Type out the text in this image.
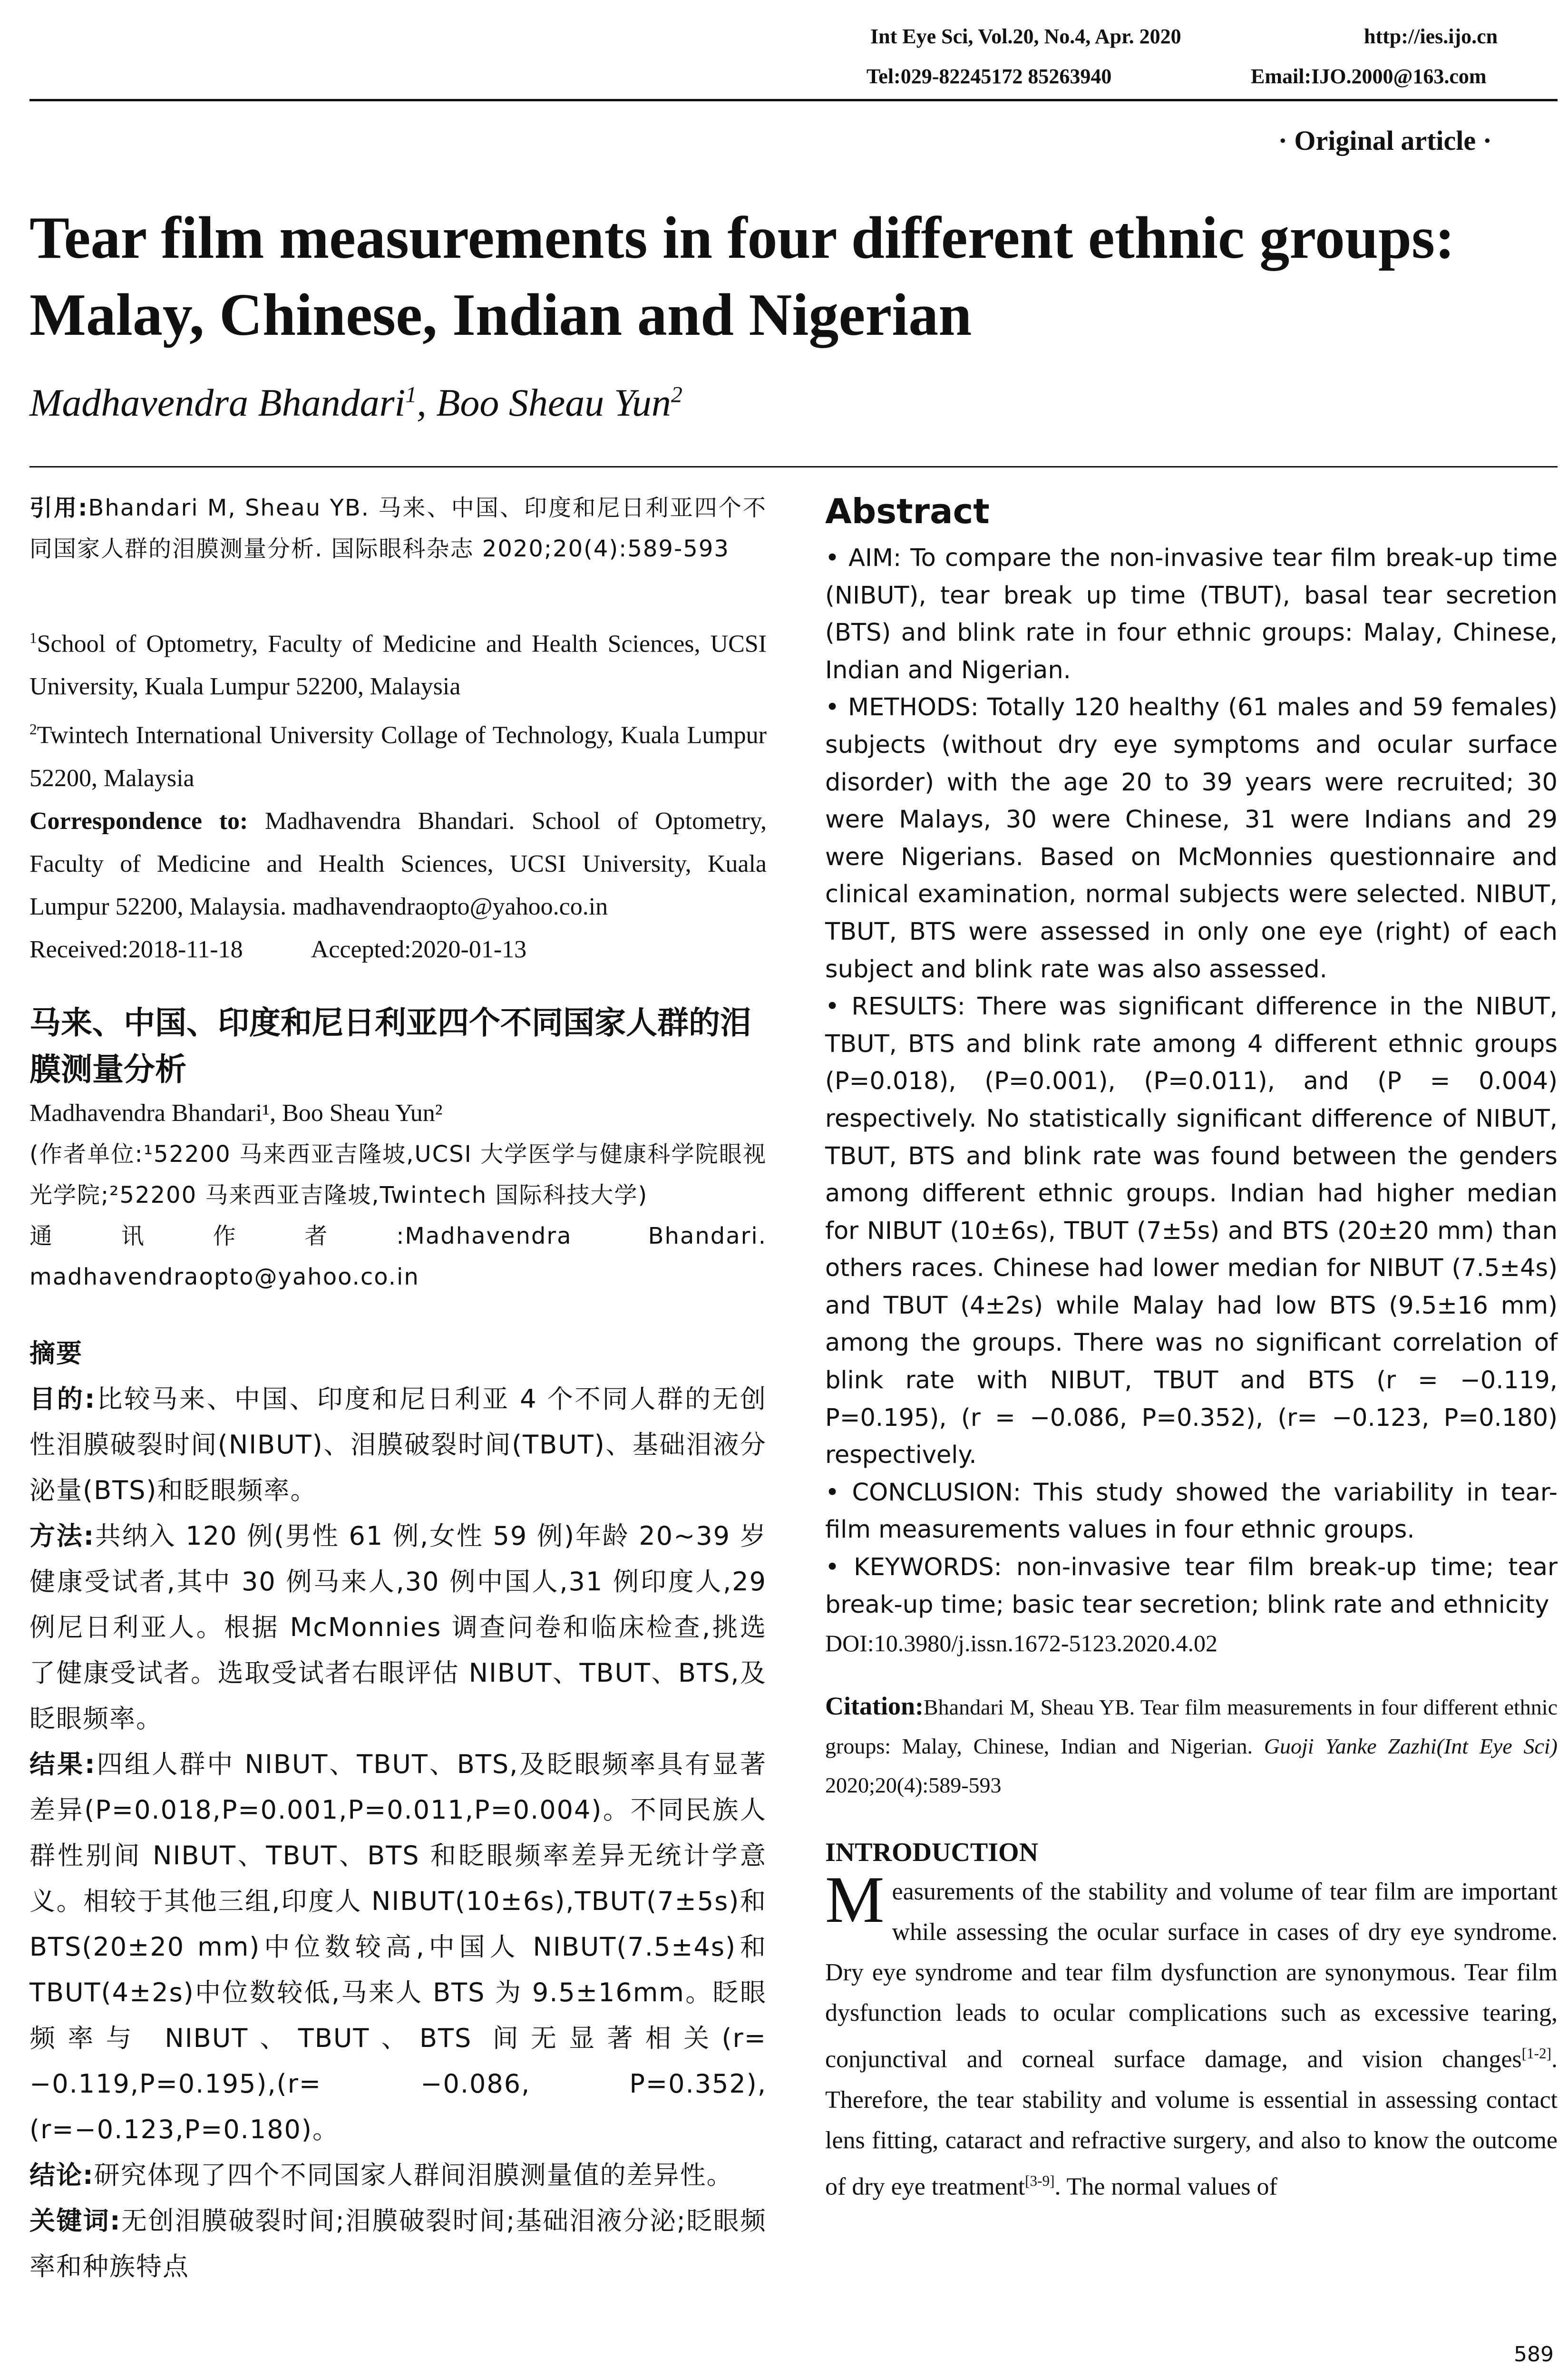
Int Eye Sci, Vol.20, No.4, Apr. 2020	http://ies.ijo.cn
Tel:029-82245172 85263940	Email:IJO.2000@163.com
· Original article ·
Tear film measurements in four different ethnic groups: Malay, Chinese, Indian and Nigerian
Madhavendra Bhandari$^1$, Boo Sheau Yun$^2$

引用:Bhandari M, Sheau YB. 马来、中国、印度和尼日利亚四个不同国家人群的泪膜测量分析. 国际眼科杂志 2020;20(4):589-593

$^1$School of Optometry, Faculty of Medicine and Health Sciences, UCSI University, Kuala Lumpur 52200, Malaysia

$^2$Twintech International University Collage of Technology, Kuala Lumpur 52200, Malaysia

Correspondence to: Madhavendra Bhandari. School of Optometry, Faculty of Medicine and Health Sciences, UCSI University, Kuala Lumpur 52200, Malaysia. madhavendraopto@yahoo.co.in

Received:2018-11-18	Accepted:2020-01-13

马来、中国、印度和尼日利亚四个不同国家人群的泪膜测量分析

Madhavendra Bhandari¹, Boo Sheau Yun²

(作者单位:¹52200 马来西亚吉隆坡,UCSI 大学医学与健康科学院眼视光学院;²52200 马来西亚吉隆坡,Twintech 国际科技大学)

通讯作者:Madhavendra Bhandari. madhavendraopto@yahoo.co.in

摘要

目的:比较马来、中国、印度和尼日利亚 4 个不同人群的无创性泪膜破裂时间(NIBUT)、泪膜破裂时间(TBUT)、基础泪液分泌量(BTS)和眨眼频率。

方法:共纳入 120 例(男性 61 例,女性 59 例)年龄 20~39 岁健康受试者,其中 30 例马来人,30 例中国人,31 例印度人,29 例尼日利亚人。根据 McMonnies 调查问卷和临床检查,挑选了健康受试者。选取受试者右眼评估 NIBUT、TBUT、BTS,及眨眼频率。

结果:四组人群中 NIBUT、TBUT、BTS,及眨眼频率具有显著差异(P=0.018,P=0.001,P=0.011,P=0.004)。不同民族人群性别间 NIBUT、TBUT、BTS 和眨眼频率差异无统计学意义。相较于其他三组,印度人 NIBUT(10±6s),TBUT(7±5s)和 BTS(20±20 mm)中位数较高,中国人 NIBUT(7.5±4s)和 TBUT(4±2s)中位数较低,马来人 BTS 为 9.5±16mm。眨眼频率与 NIBUT、TBUT、BTS 间无显著相关(r= −0.119,P=0.195),(r= −0.086, P=0.352),(r=−0.123,P=0.180)。

结论:研究体现了四个不同国家人群间泪膜测量值的差异性。

关键词:无创泪膜破裂时间;泪膜破裂时间;基础泪液分泌;眨眼频率和种族特点

Abstract

• AIM: To compare the non-invasive tear film break-up time (NIBUT), tear break up time (TBUT), basal tear secretion (BTS) and blink rate in four ethnic groups: Malay, Chinese, Indian and Nigerian.

• METHODS: Totally 120 healthy (61 males and 59 females) subjects (without dry eye symptoms and ocular surface disorder) with the age 20 to 39 years were recruited; 30 were Malays, 30 were Chinese, 31 were Indians and 29 were Nigerians. Based on McMonnies questionnaire and clinical examination, normal subjects were selected. NIBUT, TBUT, BTS were assessed in only one eye (right) of each subject and blink rate was also assessed.

• RESULTS: There was significant difference in the NIBUT, TBUT, BTS and blink rate among 4 different ethnic groups (P=0.018), (P=0.001), (P=0.011), and (P = 0.004) respectively. No statistically significant difference of NIBUT, TBUT, BTS and blink rate was found between the genders among different ethnic groups. Indian had higher median for NIBUT (10±6s), TBUT (7±5s) and BTS (20±20 mm) than others races. Chinese had lower median for NIBUT (7.5±4s) and TBUT (4±2s) while Malay had low BTS (9.5±16 mm) among the groups. There was no significant correlation of blink rate with NIBUT, TBUT and BTS (r = −0.119, P=0.195), (r = −0.086, P=0.352), (r= −0.123, P=0.180) respectively.

• CONCLUSION: This study showed the variability in tear-film measurements values in four ethnic groups.

• KEYWORDS: non-invasive tear film break-up time; tear break-up time; basic tear secretion; blink rate and ethnicity

DOI:10.3980/j.issn.1672-5123.2020.4.02

Citation:Bhandari M, Sheau YB. Tear film measurements in four different ethnic groups: Malay, Chinese, Indian and Nigerian. Guoji Yanke Zazhi(Int Eye Sci) 2020;20(4):589-593

INTRODUCTION

Measurements of the stability and volume of tear film are important while assessing the ocular surface in cases of dry eye syndrome. Dry eye syndrome and tear film dysfunction are synonymous. Tear film dysfunction leads to ocular complications such as excessive tearing, conjunctival and corneal surface damage, and vision changes[1-2]. Therefore, the tear stability and volume is essential in assessing contact lens fitting, cataract and refractive surgery, and also to know the outcome of dry eye treatment[3-9]. The normal values of

589
